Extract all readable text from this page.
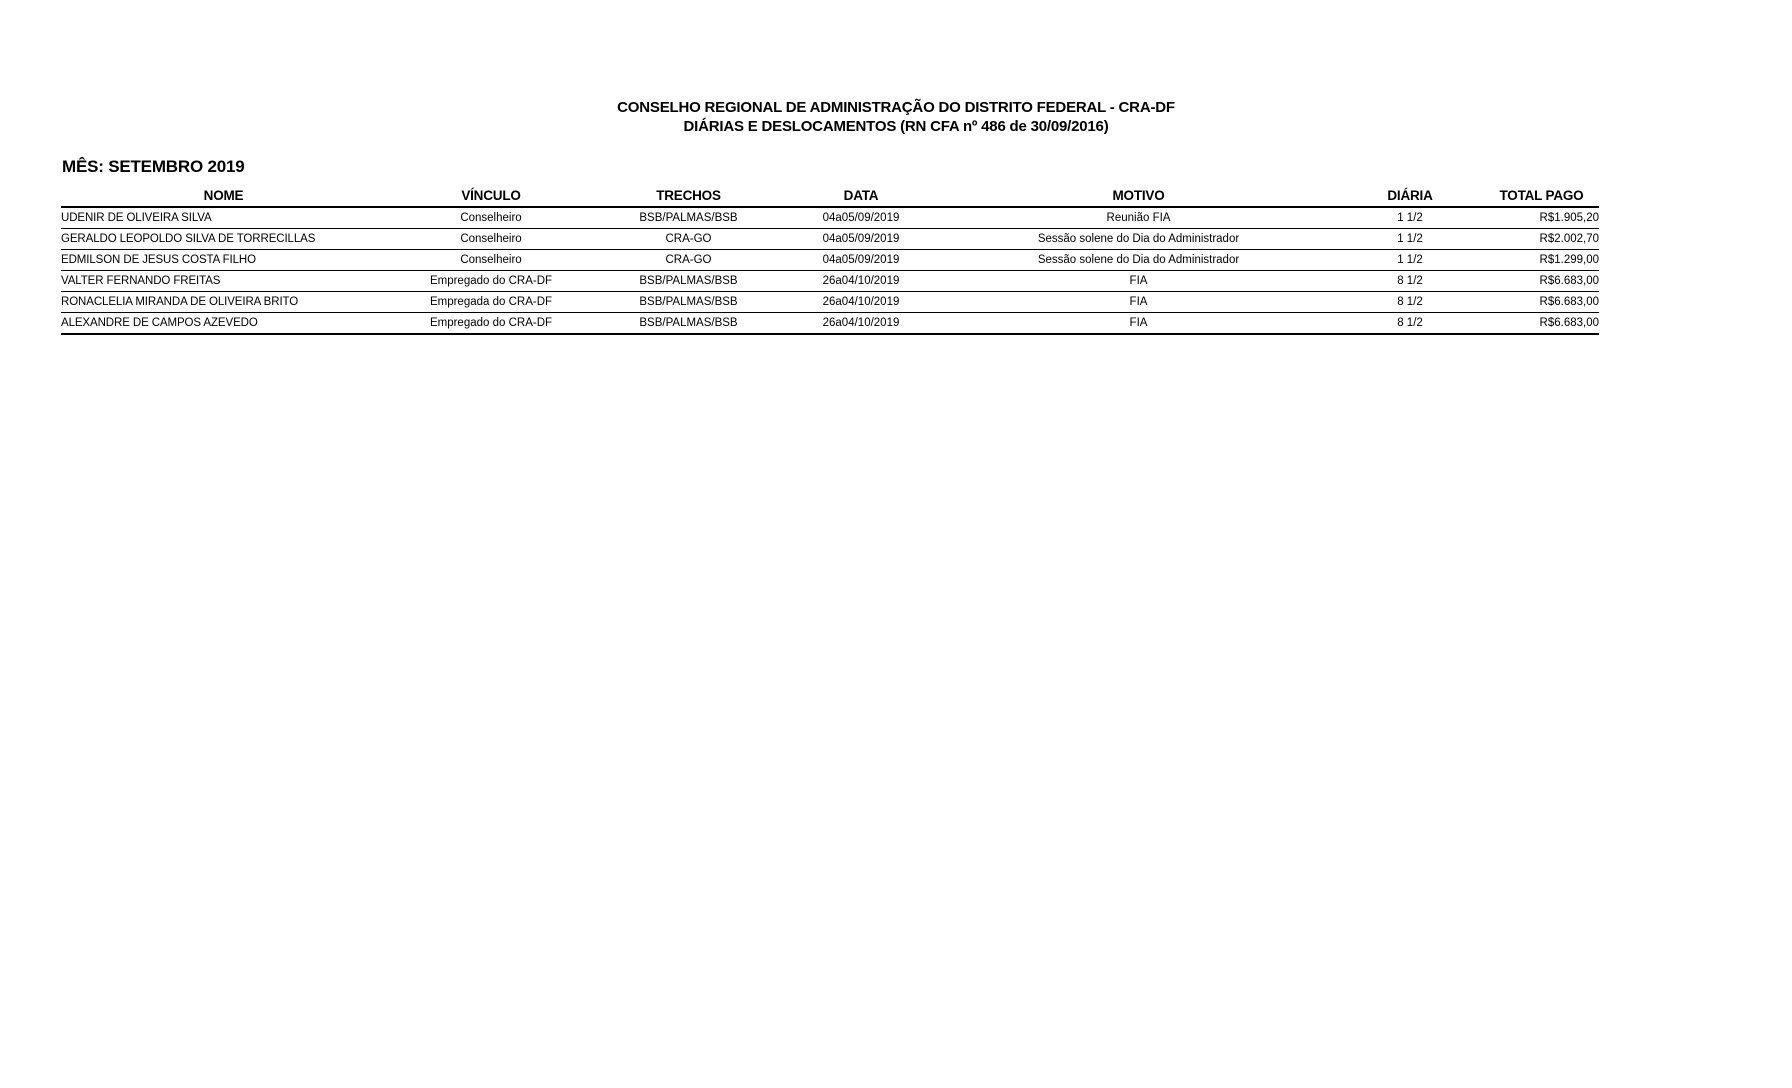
CONSELHO REGIONAL DE ADMINISTRAÇÃO DO DISTRITO FEDERAL - CRA-DF
DIÁRIAS E DESLOCAMENTOS (RN CFA nº 486 de 30/09/2016)
MÊS: SETEMBRO 2019
NOME	VÍNCULO	TRECHOS	DATA	MOTIVO	DIÁRIA	TOTAL PAGO
UDENIR DE OLIVEIRA SILVA	Conselheiro	BSB/PALMAS/BSB	04a05/09/2019	Reunião FIA	1 1/2	R$1.905,20
GERALDO LEOPOLDO SILVA DE TORRECILLAS	Conselheiro	CRA-GO	04a05/09/2019	Sessão solene do Dia do Administrador	1 1/2	R$2.002,70
EDMILSON DE JESUS COSTA FILHO	Conselheiro	CRA-GO	04a05/09/2019	Sessão solene do Dia do Administrador	1 1/2	R$1.299,00
VALTER FERNANDO FREITAS	Empregado do CRA-DF	BSB/PALMAS/BSB	26a04/10/2019	FIA	8 1/2	R$6.683,00
RONACLELIA MIRANDA DE OLIVEIRA BRITO	Empregada do CRA-DF	BSB/PALMAS/BSB	26a04/10/2019	FIA	8 1/2	R$6.683,00
ALEXANDRE DE CAMPOS AZEVEDO	Empregado do CRA-DF	BSB/PALMAS/BSB	26a04/10/2019	FIA	8 1/2	R$6.683,00
